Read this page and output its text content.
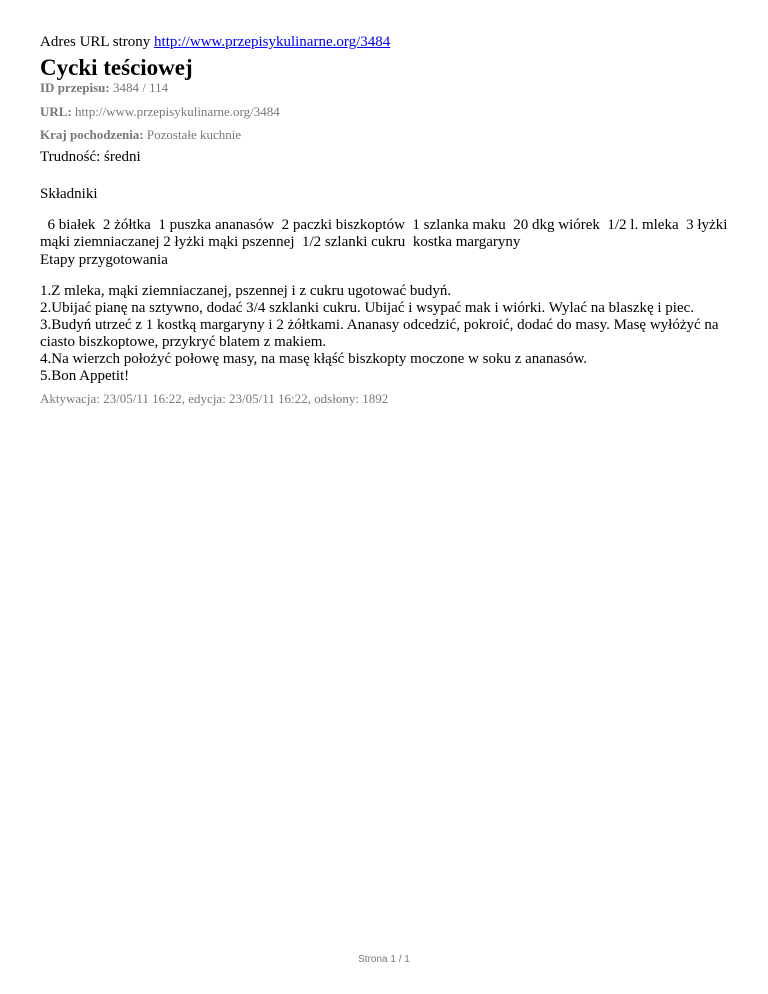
Adres URL strony http://www.przepisykulinarne.org/3484
Cycki teściowej
ID przepisu: 3484 / 114
URL: http://www.przepisykulinarne.org/3484
Kraj pochodzenia: Pozostałe kuchnie
Trudność: średni
Składniki
6 białek 2 żółtka 1 puszka ananasów 2 paczki biszkoptów 1 szlanka maku 20 dkg wiórek 1/2 l. mleka 3 łyżki mąki ziemniaczanej 2 łyżki mąki pszennej 1/2 szlanki cukru kostka margaryny
Etapy przygotowania
1.Z mleka, mąki ziemniaczanej, pszennej i z cukru ugotować budyń.
2.Ubijać pianę na sztywno, dodać 3/4 szklanki cukru. Ubijać i wsypać mak i wiórki. Wylać na blaszkę i piec.
3.Budyń utrzeć z 1 kostką margaryny i 2 żółtkami. Ananasy odcedzić, pokroić, dodać do masy. Masę wyłóżyć na ciasto biszkoptowe, przykryć blatem z makiem.
4.Na wierzch położyć połowę masy, na masę kłąść biszkopty moczone w soku z ananasów.
5.Bon Appetit!
Aktywacja: 23/05/11 16:22, edycja: 23/05/11 16:22, odsłony: 1892
Strona 1 / 1
